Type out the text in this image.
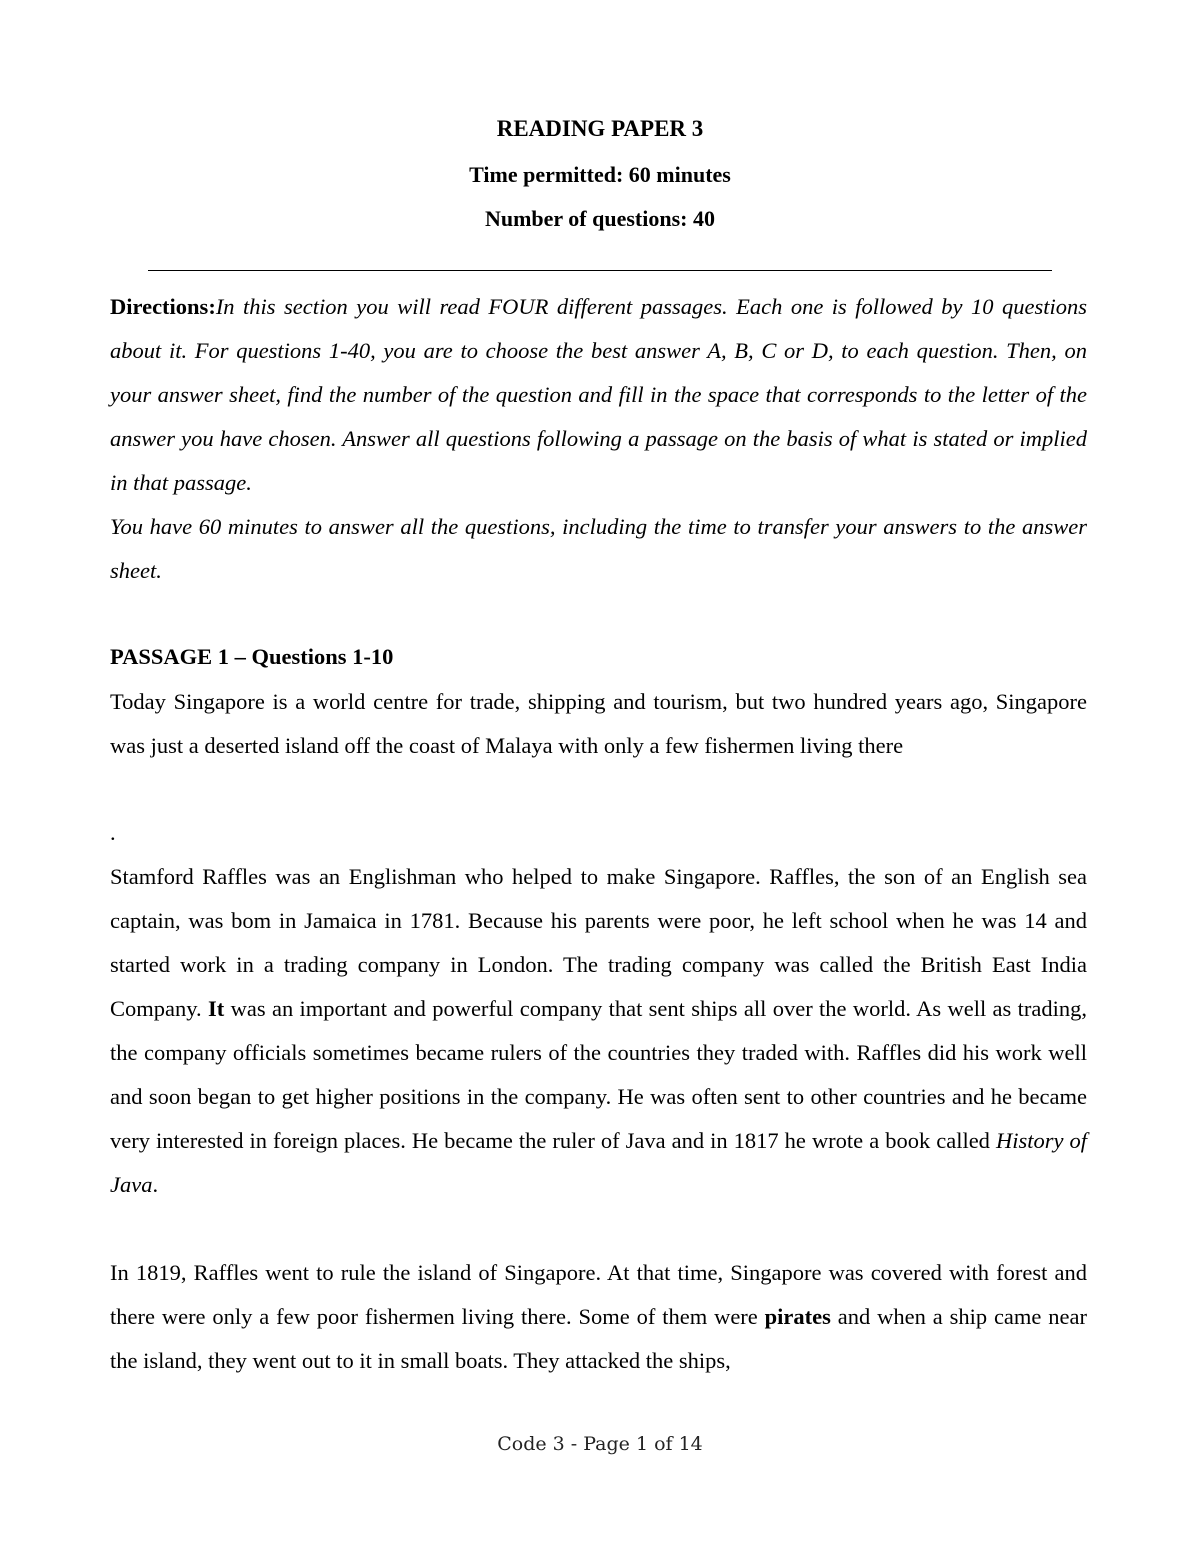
READING PAPER 3
Time permitted: 60 minutes
Number of questions: 40
Directions:In this section you will read FOUR different passages. Each one is followed by 10 questions about it. For questions 1-40, you are to choose the best answer A, B, C or D, to each question. Then, on your answer sheet, find the number of the question and fill in the space that corresponds to the letter of the answer you have chosen. Answer all questions following a passage on the basis of what is stated or implied in that passage.
You have 60 minutes to answer all the questions, including the time to transfer your answers to the answer sheet.
PASSAGE 1 – Questions 1-10
Today Singapore is a world centre for trade, shipping and tourism, but two hundred years ago, Singapore was just a deserted island off the coast of Malaya with only a few fishermen living there
.
Stamford Raffles was an Englishman who helped to make Singapore. Raffles, the son of an English sea captain, was bom in Jamaica in 1781. Because his parents were poor, he left school when he was 14 and started work in a trading company in London. The trading company was called the British East India Company. It was an important and powerful company that sent ships all over the world. As well as trading, the company officials sometimes became rulers of the countries they traded with. Raffles did his work well and soon began to get higher positions in the company. He was often sent to other countries and he became very interested in foreign places. He became the ruler of Java and in 1817 he wrote a book called History of Java.
In 1819, Raffles went to rule the island of Singapore. At that time, Singapore was covered with forest and there were only a few poor fishermen living there. Some of them were pirates and when a ship came near the island, they went out to it in small boats. They attacked the ships,
Code 3 - Page 1 of 14
